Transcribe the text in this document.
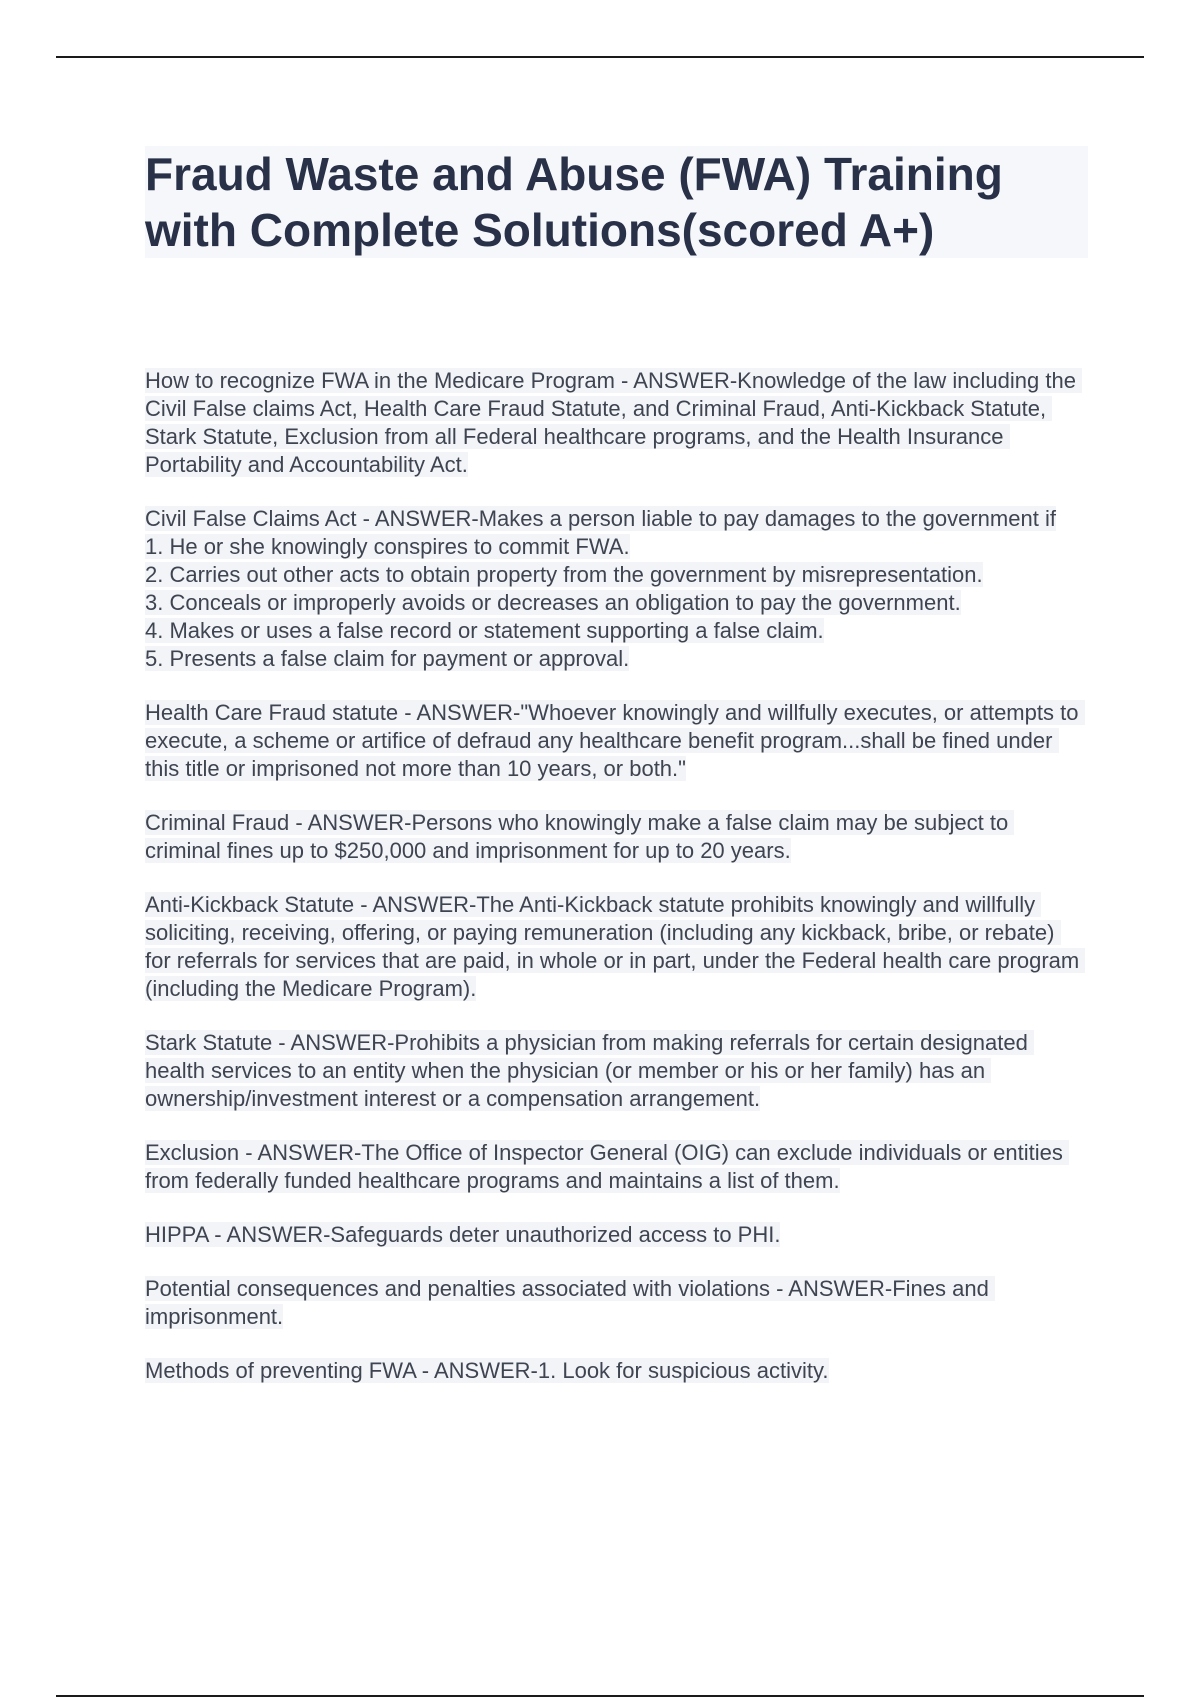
Fraud Waste and Abuse (FWA) Training with Complete Solutions(scored A+)
How to recognize FWA in the Medicare Program - ANSWER-Knowledge of the law including the Civil False claims Act, Health Care Fraud Statute, and Criminal Fraud, Anti-Kickback Statute, Stark Statute, Exclusion from all Federal healthcare programs, and the Health Insurance Portability and Accountability Act.
Civil False Claims Act - ANSWER-Makes a person liable to pay damages to the government if
1. He or she knowingly conspires to commit FWA.
2. Carries out other acts to obtain property from the government by misrepresentation.
3. Conceals or improperly avoids or decreases an obligation to pay the government.
4. Makes or uses a false record or statement supporting a false claim.
5. Presents a false claim for payment or approval.
Health Care Fraud statute - ANSWER-"Whoever knowingly and willfully executes, or attempts to execute, a scheme or artifice of defraud any healthcare benefit program...shall be fined under this title or imprisoned not more than 10 years, or both."
Criminal Fraud - ANSWER-Persons who knowingly make a false claim may be subject to criminal fines up to $250,000 and imprisonment for up to 20 years.
Anti-Kickback Statute - ANSWER-The Anti-Kickback statute prohibits knowingly and willfully soliciting, receiving, offering, or paying remuneration (including any kickback, bribe, or rebate) for referrals for services that are paid, in whole or in part, under the Federal health care program (including the Medicare Program).
Stark Statute - ANSWER-Prohibits a physician from making referrals for certain designated health services to an entity when the physician (or member or his or her family) has an ownership/investment interest or a compensation arrangement.
Exclusion - ANSWER-The Office of Inspector General (OIG) can exclude individuals or entities from federally funded healthcare programs and maintains a list of them.
HIPPA - ANSWER-Safeguards deter unauthorized access to PHI.
Potential consequences and penalties associated with violations - ANSWER-Fines and imprisonment.
Methods of preventing FWA - ANSWER-1. Look for suspicious activity.
